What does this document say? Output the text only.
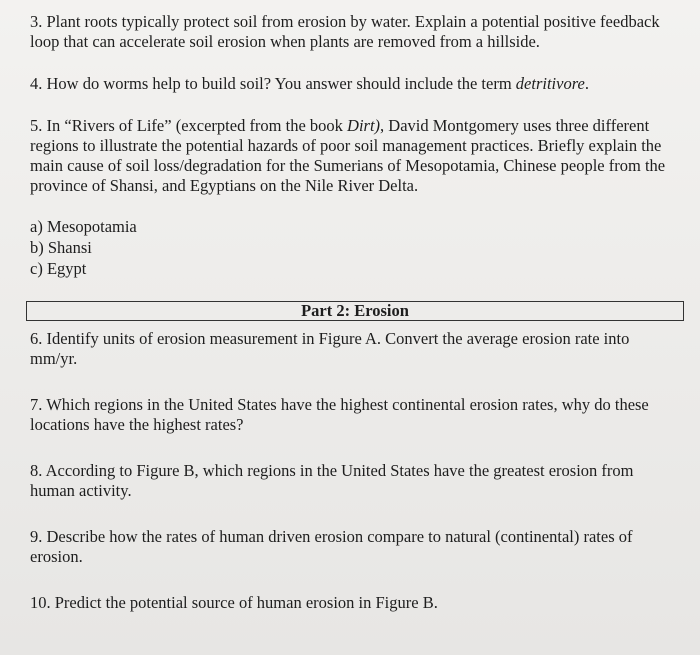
3. Plant roots typically protect soil from erosion by water. Explain a potential positive feedback loop that can accelerate soil erosion when plants are removed from a hillside.

4. How do worms help to build soil? You answer should include the term detritivore.

5. In “Rivers of Life” (excerpted from the book Dirt), David Montgomery uses three different regions to illustrate the potential hazards of poor soil management practices. Briefly explain the main cause of soil loss/degradation for the Sumerians of Mesopotamia, Chinese people from the province of Shansi, and Egyptians on the Nile River Delta.

a) Mesopotamia
b) Shansi
c) Egypt
Part 2: Erosion

6. Identify units of erosion measurement in Figure A. Convert the average erosion rate into mm/yr.

7. Which regions in the United States have the highest continental erosion rates, why do these locations have the highest rates?

8. According to Figure B, which regions in the United States have the greatest erosion from human activity.

9. Describe how the rates of human driven erosion compare to natural (continental) rates of erosion.

10. Predict the potential source of human erosion in Figure B.
